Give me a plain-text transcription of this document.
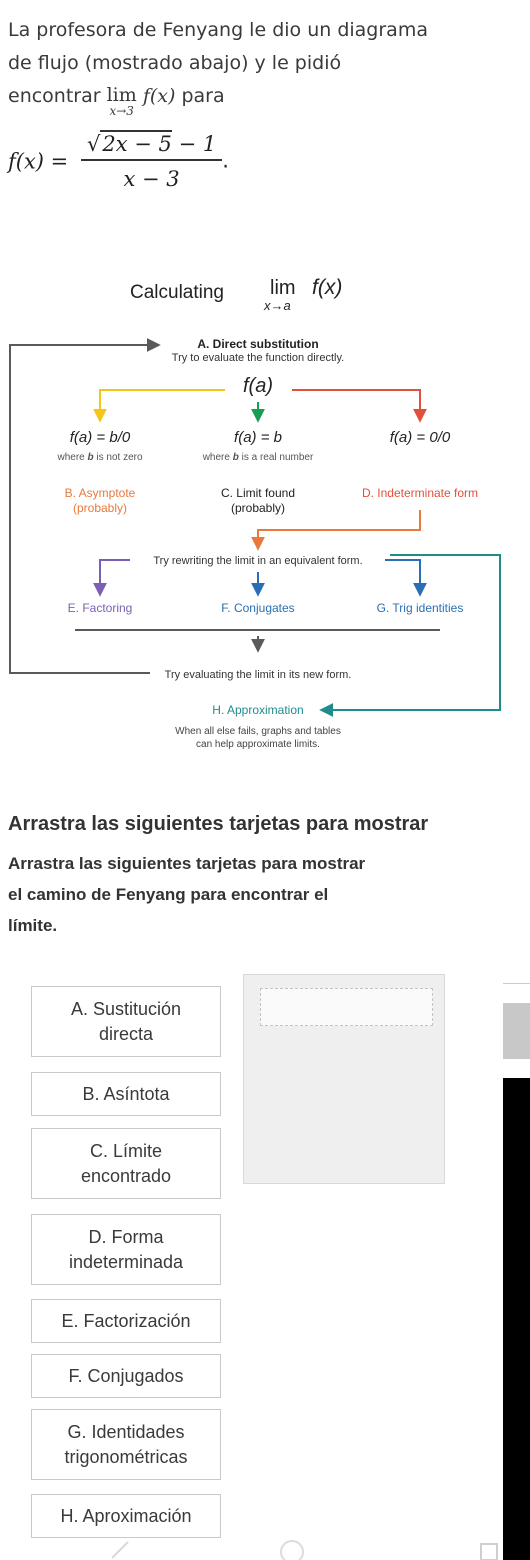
La profesora de Fenyang le dio un diagrama
de flujo (mostrado abajo) y le pidió
encontrar lim
x→3
f(x) para
$f(x) = \frac{√2x - 5 - 1}{x - 3}$ .
Calculating lim
x→a
f(x)
A. Direct substitution
Try to evaluate the function directly.
f(a)
f(a) = b/0
where b is not zero
f(a) = b
where b is a real number
f(a) = 0/0
B. Asymptote
(probably)
C. Limit found
(probably)
D. Indeterminate form
Try rewriting the limit in an equivalent form.
E. Factoring	F. Conjugates	G. Trig identities
Try evaluating the limit in its new form.
H. Approximation
When all else fails, graphs and tables
can help approximate limits.
Arrastra las siguientes tarjetas para mostrar
Arrastra las siguientes tarjetas para mostrar
el camino de Fenyang para encontrar el
límite.
A. Sustitución
directa
B. Asíntota
C. Límite
encontrado
D. Forma
indeterminada
E. Factorización
F. Conjugados
G. Identidades
trigonométricas
H. Aproximación
